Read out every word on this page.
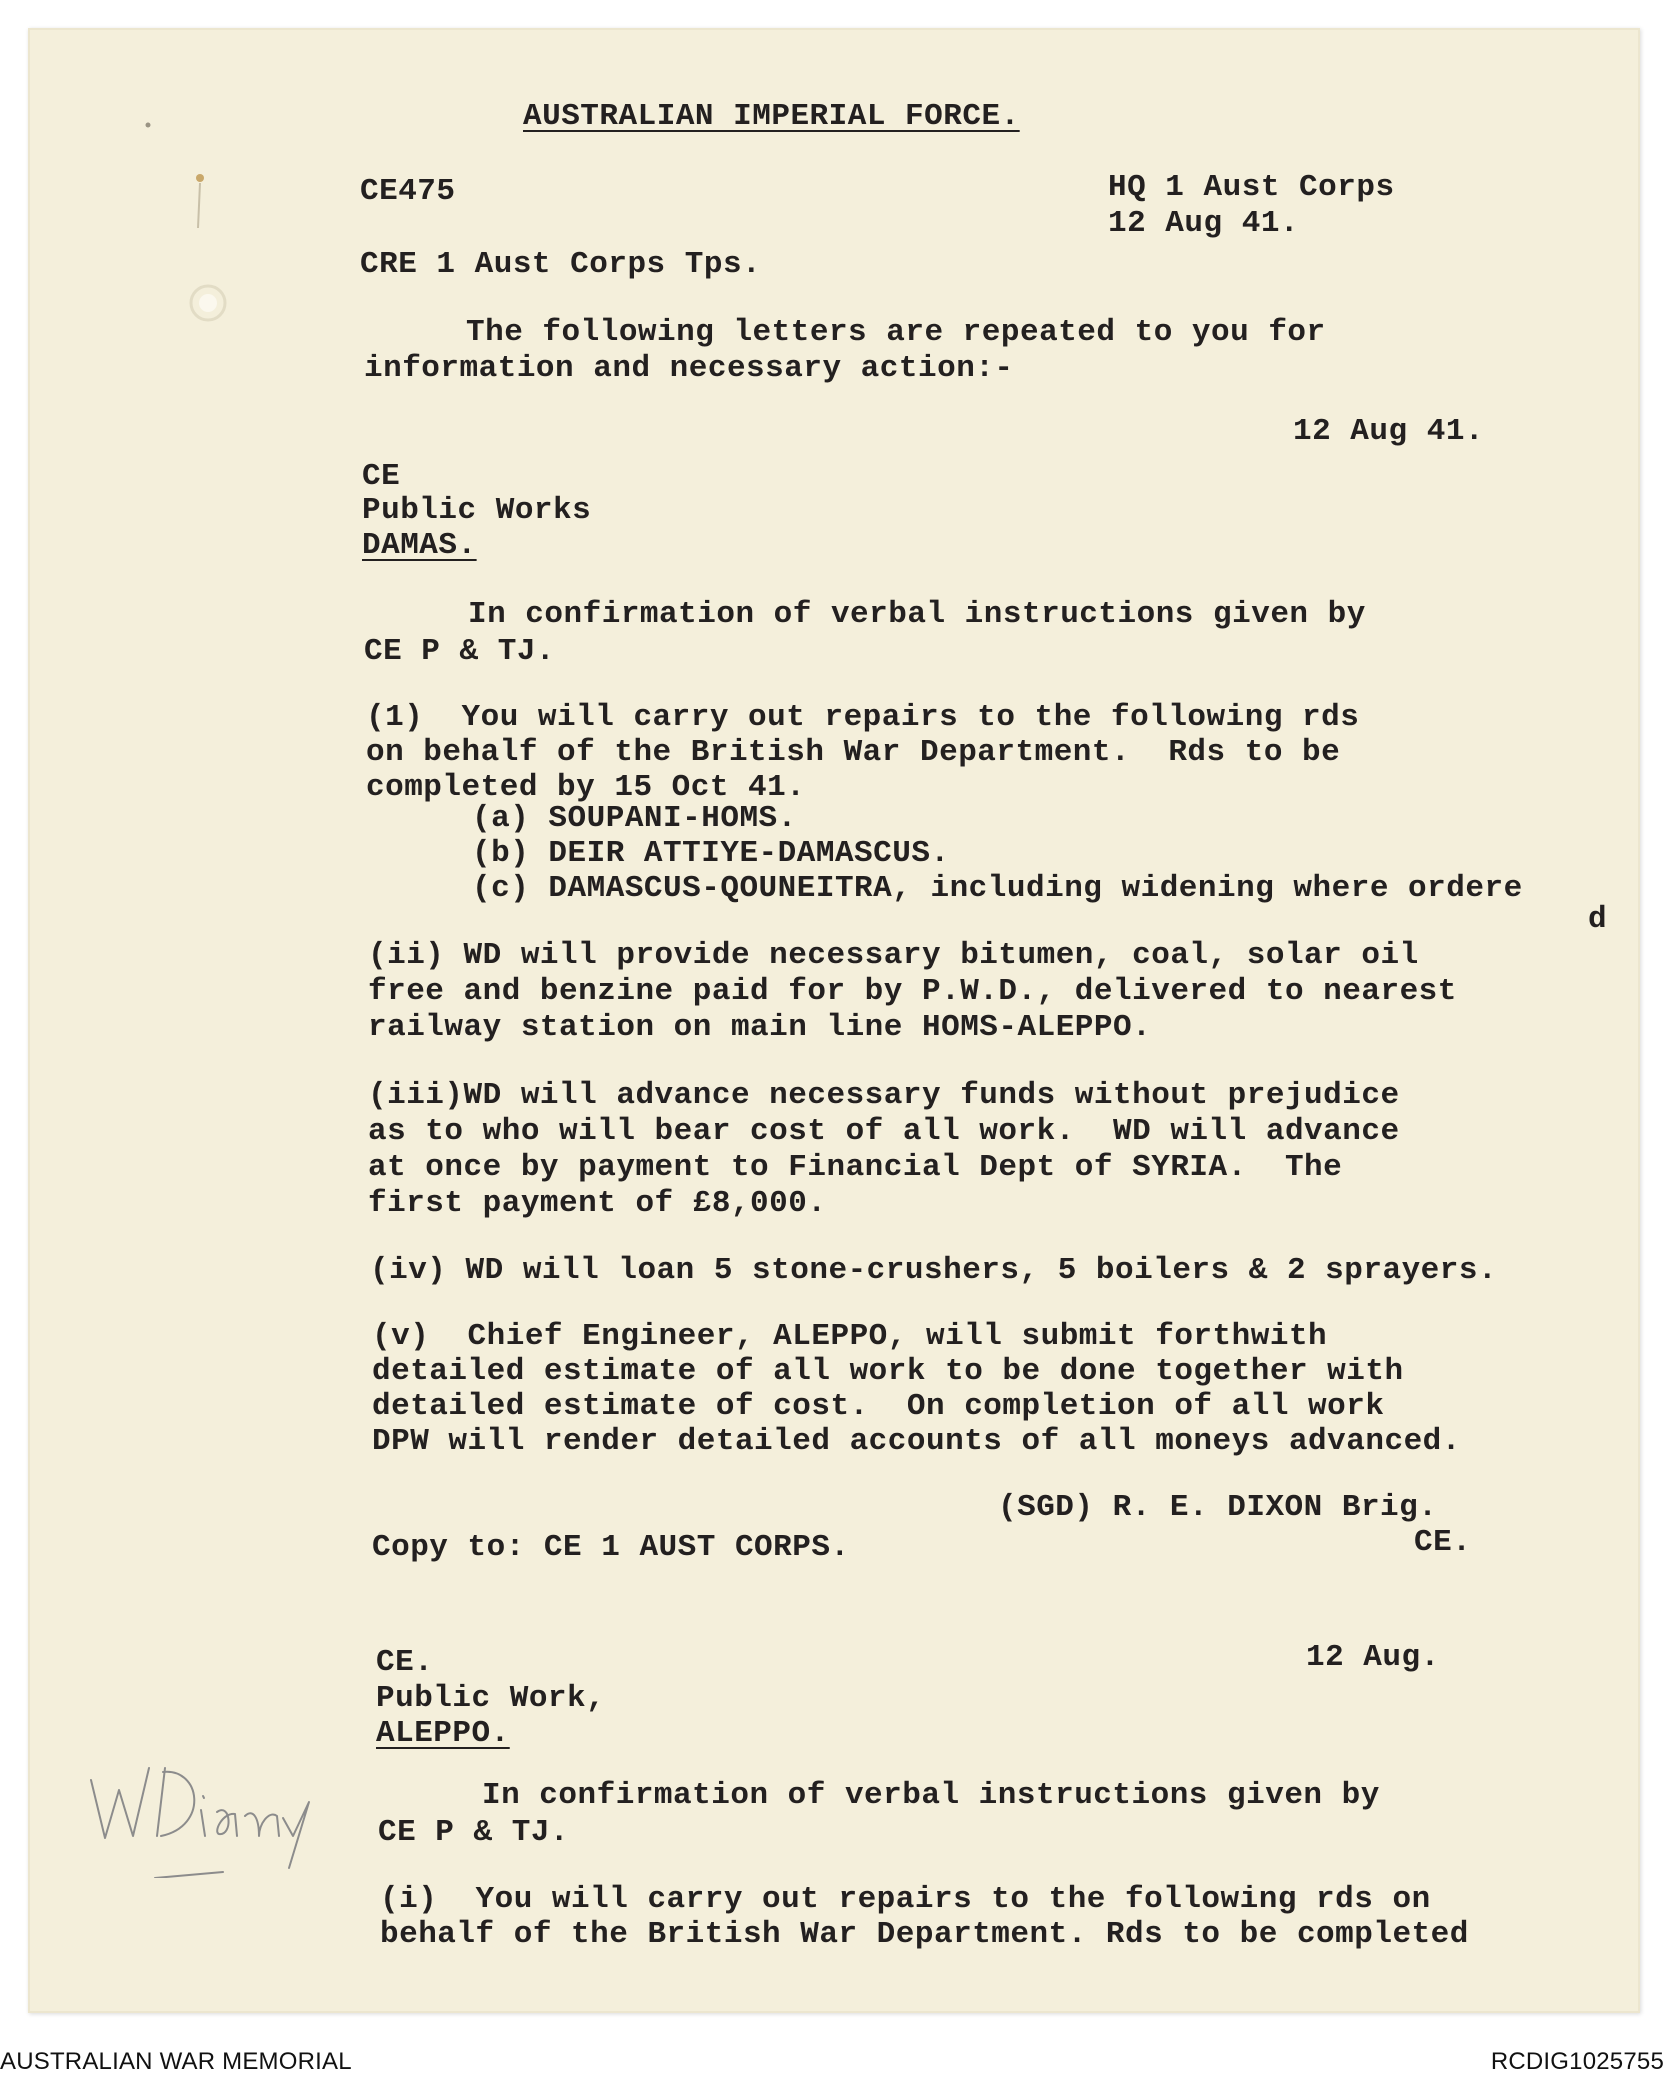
AUSTRALIAN IMPERIAL FORCE.
CE475	HQ 1 Aust Corps
12 Aug 41.
CRE 1 Aust Corps Tps.
The following letters are repeated to you for
information and necessary action:-
12 Aug 41.
CE
Public Works
DAMAS.
In confirmation of verbal instructions given by
CE P & TJ.
(1)  You will carry out repairs to the following rds
on behalf of the British War Department.  Rds to be
completed by 15 Oct 41.
(a) SOUPANI-HOMS.
(b) DEIR ATTIYE-DAMASCUS.
(c) DAMASCUS-QOUNEITRA, including widening where ordere
d
(ii) WD will provide necessary bitumen, coal, solar oil
free and benzine paid for by P.W.D., delivered to nearest
railway station on main line HOMS-ALEPPO.
(iii)WD will advance necessary funds without prejudice
as to who will bear cost of all work.  WD will advance
at once by payment to Financial Dept of SYRIA.  The
first payment of £8,000.
(iv) WD will loan 5 stone-crushers, 5 boilers & 2 sprayers.
(v)  Chief Engineer, ALEPPO, will submit forthwith
detailed estimate of all work to be done together with
detailed estimate of cost.  On completion of all work
DPW will render detailed accounts of all moneys advanced.
(SGD) R. E. DIXON Brig.
CE.
Copy to: CE 1 AUST CORPS.
12 Aug.
CE.
Public Work,
ALEPPO.
In confirmation of verbal instructions given by
CE P & TJ.
(i)  You will carry out repairs to the following rds on
behalf of the British War Department. Rds to be completed
AUSTRALIAN WAR MEMORIAL	RCDIG1025755
